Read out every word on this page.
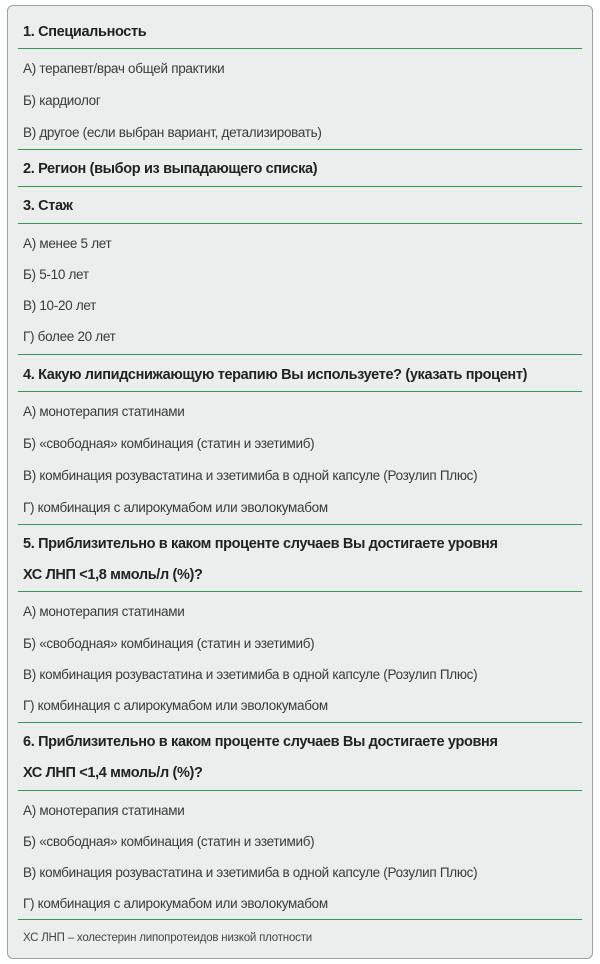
1. Специальность
А) терапевт/врач общей практики
Б) кардиолог
В) другое (если выбран вариант, детализировать)
2. Регион (выбор из выпадающего списка)
3. Стаж
А) менее 5 лет
Б) 5-10 лет
В) 10-20 лет
Г) более 20 лет
4. Какую липидснижающую терапию Вы используете? (указать процент)
А) монотерапия статинами
Б) «свободная» комбинация (статин и эзетимиб)
В) комбинация розувастатина и эзетимиба в одной капсуле (Розулип Плюс)
Г) комбинация с алирокумабом или эволокумабом
5. Приблизительно в каком проценте случаев Вы достигаете уровня
ХС ЛНП <1,8 ммоль/л (%)?
А) монотерапия статинами
Б) «свободная» комбинация (статин и эзетимиб)
В) комбинация розувастатина и эзетимиба в одной капсуле (Розулип Плюс)
Г) комбинация с алирокумабом или эволокумабом
6. Приблизительно в каком проценте случаев Вы достигаете уровня
ХС ЛНП <1,4 ммоль/л (%)?
А) монотерапия статинами
Б) «свободная» комбинация (статин и эзетимиб)
В) комбинация розувастатина и эзетимиба в одной капсуле (Розулип Плюс)
Г) комбинация с алирокумабом или эволокумабом
ХС ЛНП – холестерин липопротеидов низкой плотности
